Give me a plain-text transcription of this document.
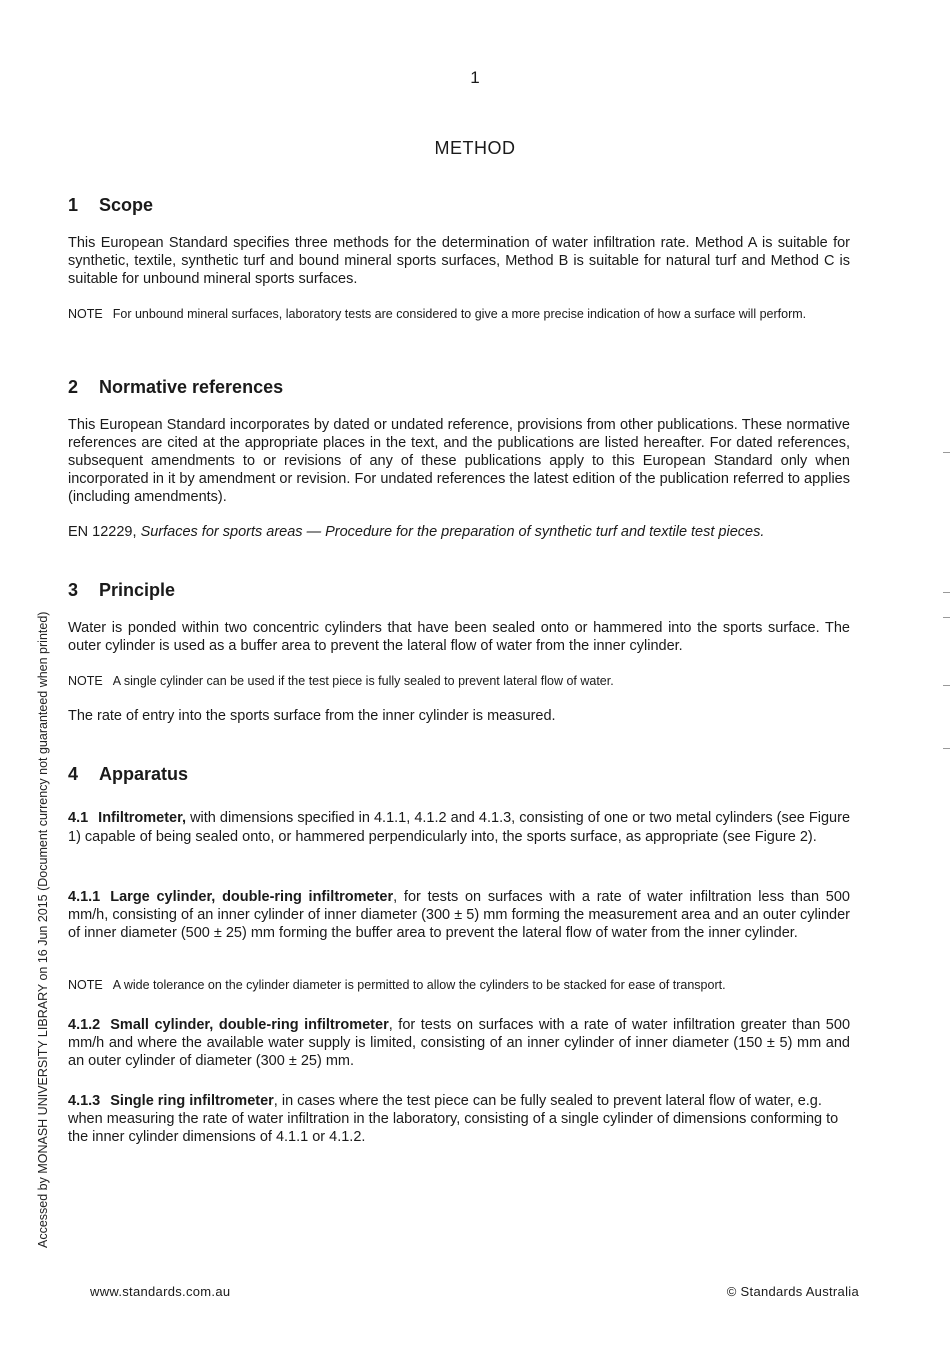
1
METHOD
1 Scope

This European Standard specifies three methods for the determination of water infiltration rate. Method A is suitable for synthetic, textile, synthetic turf and bound mineral sports surfaces, Method B is suitable for natural turf and Method C is suitable for unbound mineral sports surfaces.

NOTE For unbound mineral surfaces, laboratory tests are considered to give a more precise indication of how a surface will perform.
2 Normative references

This European Standard incorporates by dated or undated reference, provisions from other publications. These normative references are cited at the appropriate places in the text, and the publications are listed hereafter. For dated references, subsequent amendments to or revisions of any of these publications apply to this European Standard only when incorporated in it by amendment or revision. For undated references the latest edition of the publication referred to applies (including amendments).

EN 12229, Surfaces for sports areas — Procedure for the preparation of synthetic turf and textile test pieces.

3 Principle

Water is ponded within two concentric cylinders that have been sealed onto or hammered into the sports surface. The outer cylinder is used as a buffer area to prevent the lateral flow of water from the inner cylinder.

NOTE A single cylinder can be used if the test piece is fully sealed to prevent lateral flow of water.

The rate of entry into the sports surface from the inner cylinder is measured.

4 Apparatus

4.1 Infiltrometer, with dimensions specified in 4.1.1, 4.1.2 and 4.1.3, consisting of one or two metal cylinders (see Figure 1) capable of being sealed onto, or hammered perpendicularly into, the sports surface, as appropriate (see Figure 2).

4.1.1 Large cylinder, double-ring infiltrometer, for tests on surfaces with a rate of water infiltration less than 500 mm/h, consisting of an inner cylinder of inner diameter (300 ± 5) mm forming the measurement area and an outer cylinder of inner diameter (500 ± 25) mm forming the buffer area to prevent the lateral flow of water from the inner cylinder.

NOTE A wide tolerance on the cylinder diameter is permitted to allow the cylinders to be stacked for ease of transport.

4.1.2 Small cylinder, double-ring infiltrometer, for tests on surfaces with a rate of water infiltration greater than 500 mm/h and where the available water supply is limited, consisting of an inner cylinder of inner diameter (150 ± 5) mm and an outer cylinder of diameter (300 ± 25) mm.

4.1.3 Single ring infiltrometer, in cases where the test piece can be fully sealed to prevent lateral flow of water, e.g. when measuring the rate of water infiltration in the laboratory, consisting of a single cylinder of dimensions conforming to the inner cylinder dimensions of 4.1.1 or 4.1.2.

Accessed by MONASH UNIVERSITY LIBRARY on 16 Jun 2015 (Document currency not guaranteed when printed)
www.standards.com.au	© Standards Australia
